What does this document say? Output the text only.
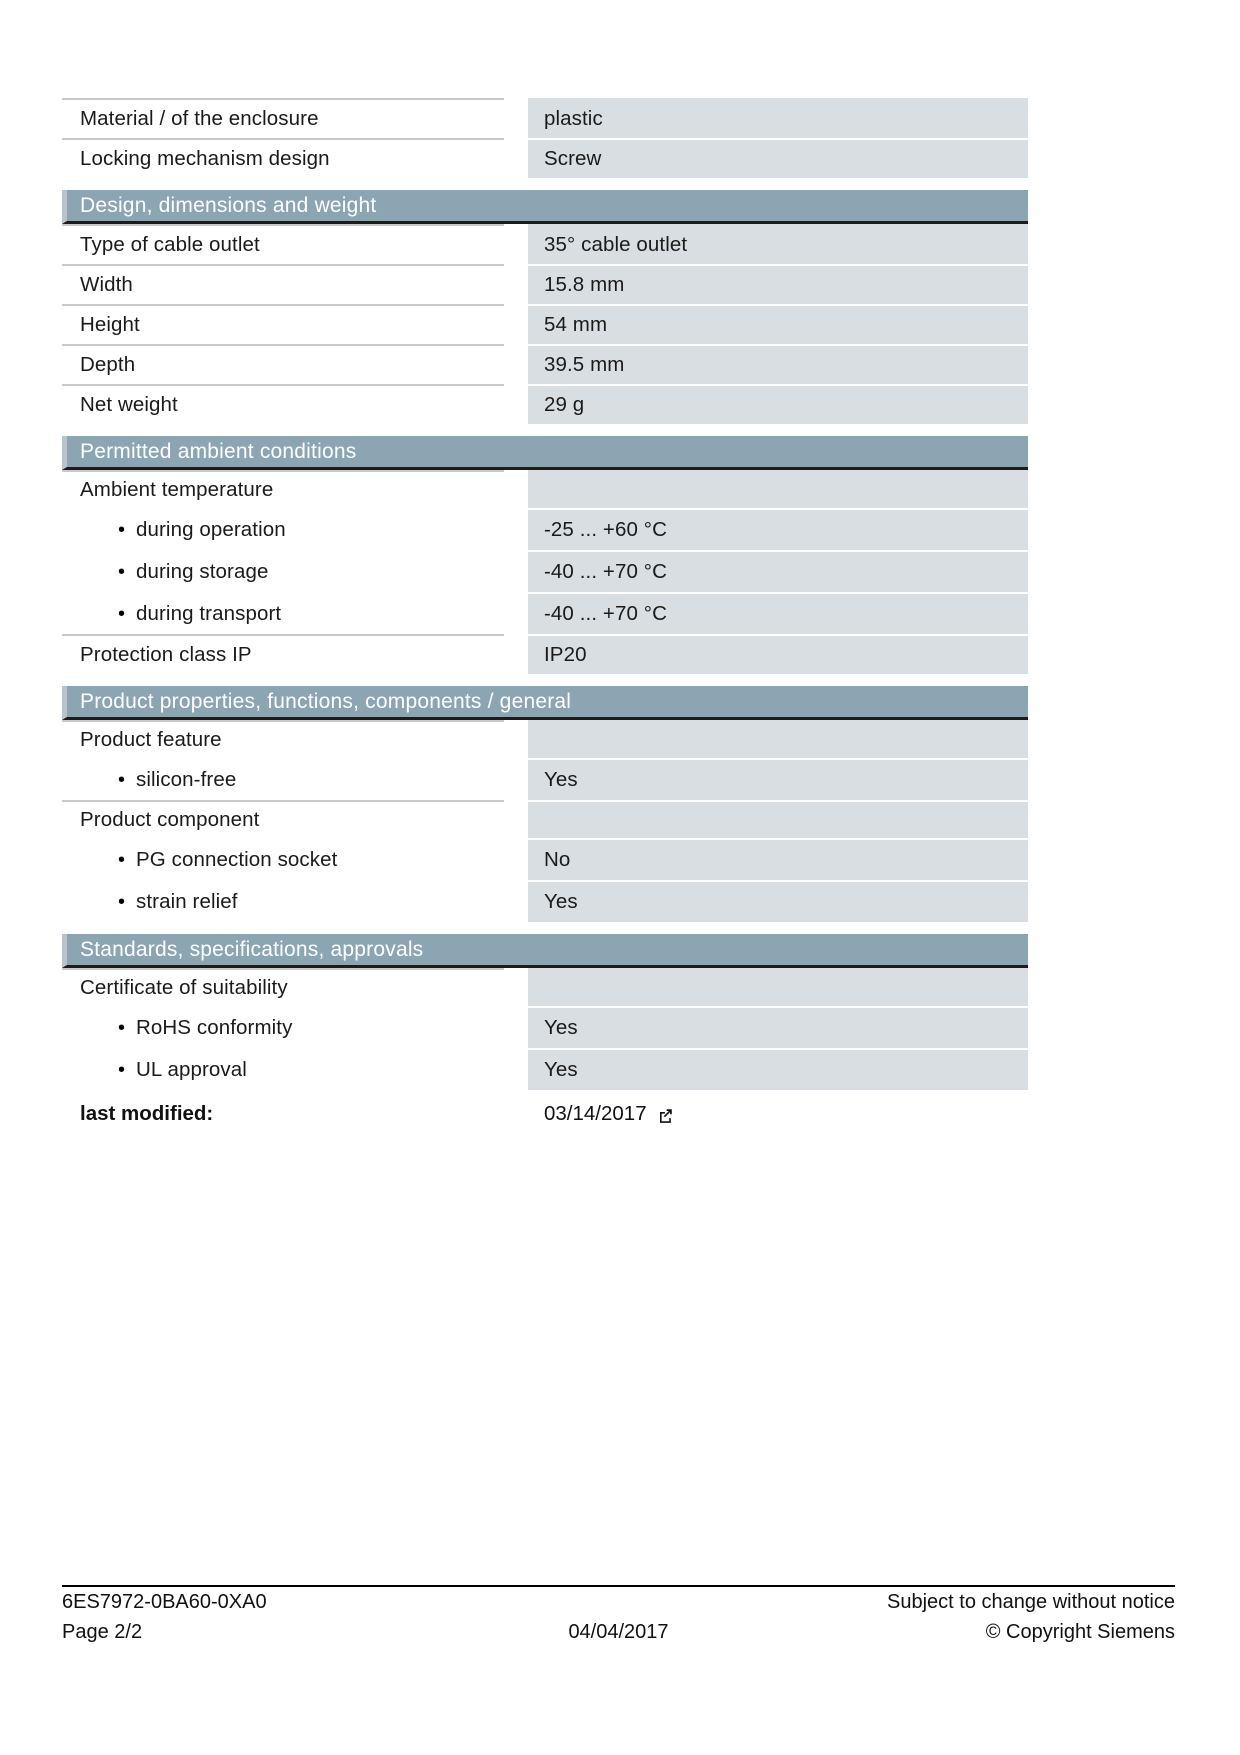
Material / of the enclosure	plastic
Locking mechanism design	Screw
Design, dimensions and weight
Type of cable outlet	35° cable outlet
Width	15.8 mm
Height	54 mm
Depth	39.5 mm
Net weight	29 g
Permitted ambient conditions
Ambient temperature
• during operation	-25 ... +60 °C
• during storage	-40 ... +70 °C
• during transport	-40 ... +70 °C
Protection class IP	IP20
Product properties, functions, components / general
Product feature
• silicon-free	Yes
Product component
• PG connection socket	No
• strain relief	Yes
Standards, specifications, approvals
Certificate of suitability
• RoHS conformity	Yes
• UL approval	Yes
last modified:	03/14/2017
6ES7972-0BA60-0XA0
Page 2/2	04/04/2017
Subject to change without notice
© Copyright Siemens
